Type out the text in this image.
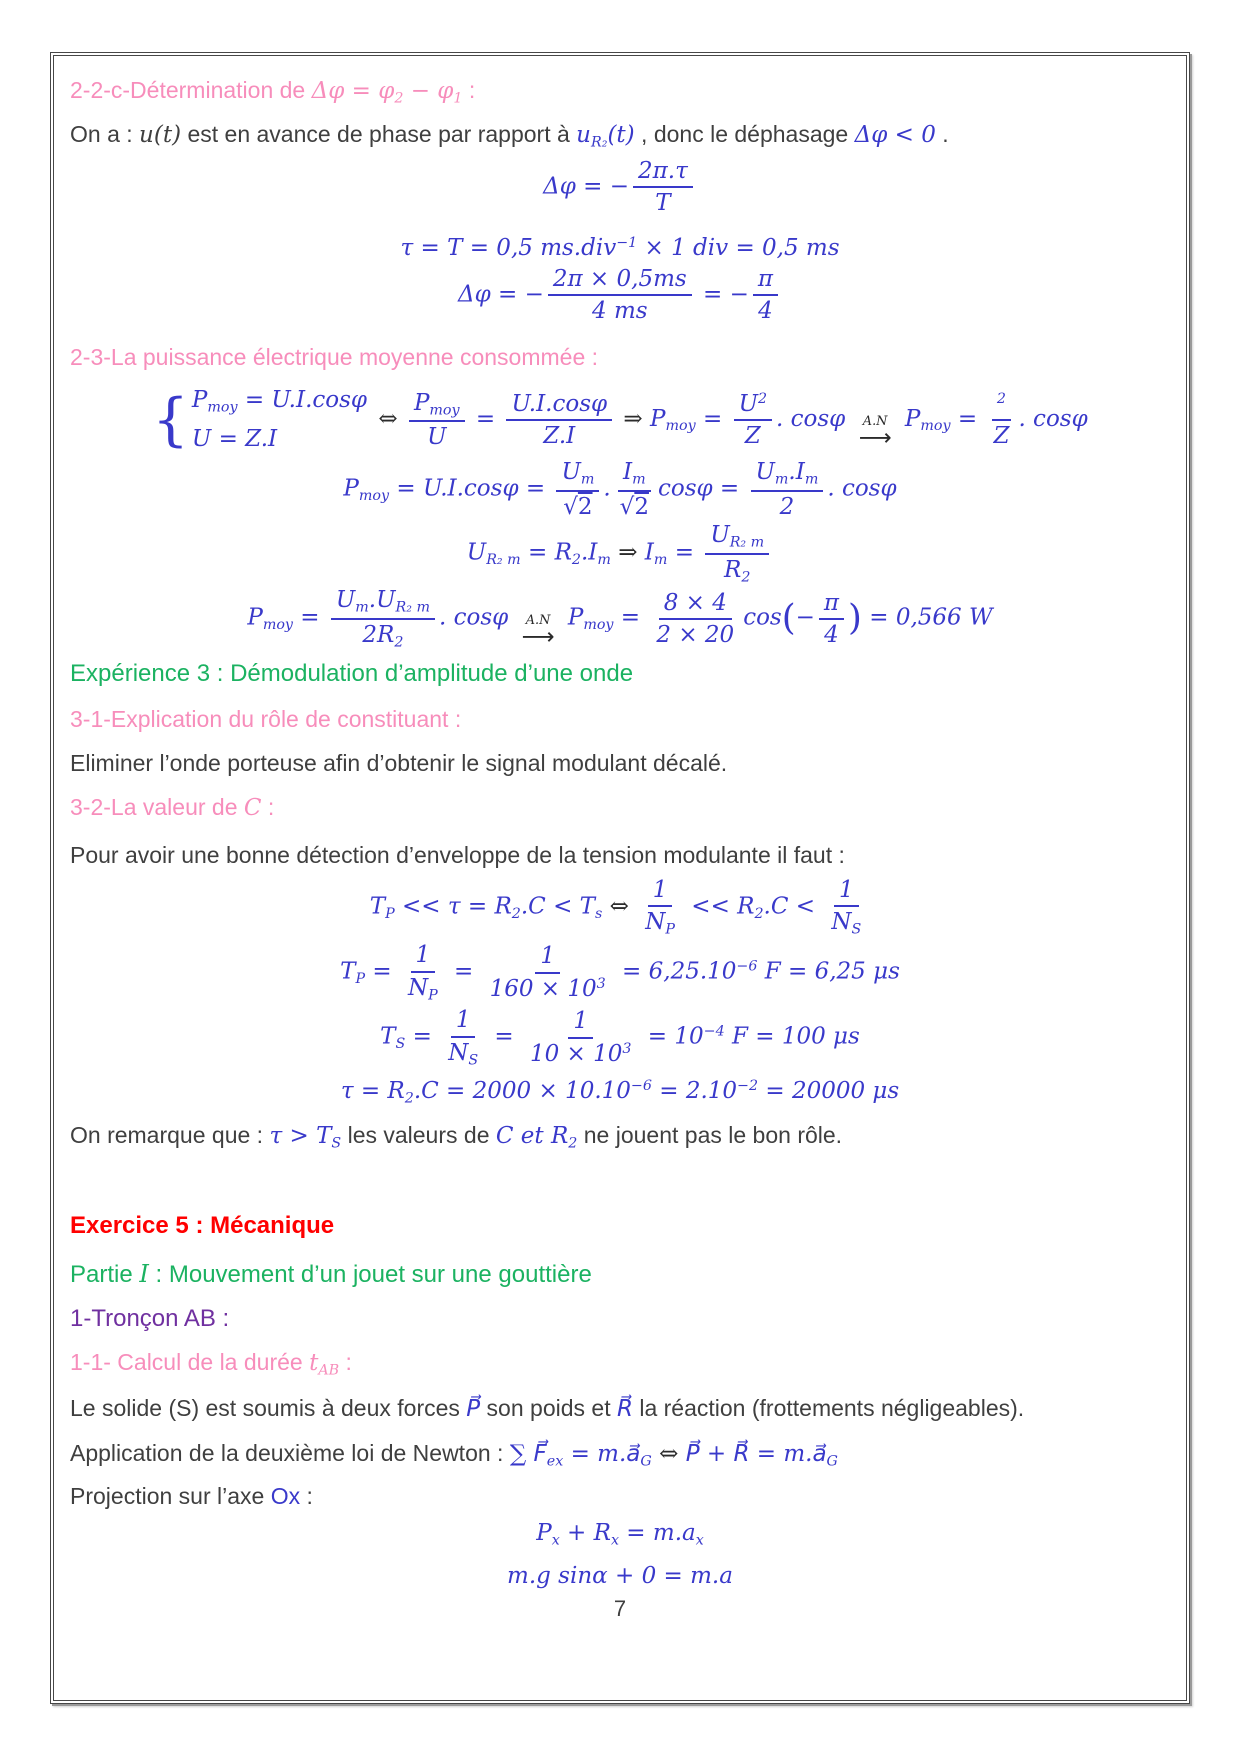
2-2-c-Détermination de Δφ = φ2 − φ1 :
On a : u(t) est en avance de phase par rapport à uR₂(t) , donc le déphasage Δφ < 0 .
Δφ = − $\frac{2\pi.\tau}{T}$
τ = T = 0,5 ms.div$^{-1}$ × 1 div = 0,5 ms
Δφ = − $\frac{2\pi \times 0,5ms}{4 ms}$ = − $\frac{\pi}{4}$
2-3-La puissance électrique moyenne consommée :
{ Pmoy = U.I.cosφ
U = Z.I
⇔ $\frac{\text{Pmoy}}{U} = \frac{U.I.\cos\varphi}{Z.I}$ ⇒ Pmoy = $\frac{U^2}{Z}$ . cosφ A.N
⟶
Pmoy = $\frac{^2}{Z}$ . cosφ
Pmoy = $U.I.\cos\varphi = \frac{Um}{√2}$ . $\frac{Im}{√2}$ $\cos\varphi = \frac{Um.Im}{2}$ . cosφ
UR₂ m = R2.Im ⇒ $Im = \frac{\text{UR₂ m}}{R2}$
Pmoy = $\frac{\text{Um.UR₂ m}}{2R2}$ . cosφ A.N
⟶
Pmoy = $\frac{8 \times 4}{2 \times 20} \cos(- \frac{\pi}{4}$ ) = 0,566 W
Expérience 3 : Démodulation d’amplitude d’une onde
3-1-Explication du rôle de constituant :
Eliminer l’onde porteuse afin d’obtenir le signal modulant décalé.
3-2-La valeur de C :
Pour avoir une bonne détection d’enveloppe de la tension modulante il faut :
TP << τ = R2.C < Ts ⇔ $\frac{1}{NP} << R2.C < \frac{1}{NS}$
TP = $\frac{1}{NP} = \frac{1}{160 \times 10^3} = 6,25.10^{-6}$ F = 6,25 μs
TS = $\frac{1}{NS} = \frac{1}{10 \times 10^3} = 10^{-4}$ F = 100 μs
$\tau = R2.C = 2000 \times 10.10^{-6} = 2.10^{-2} = 20000$ μs
On remarque que : τ > TS les valeurs de C et R2 ne jouent pas le bon rôle.
Exercice 5 : Mécanique
Partie I : Mouvement d’un jouet sur une gouttière
1-Tronçon AB :
1-1- Calcul de la durée tAB :
Le solide (S) est soumis à deux forces P⃗ son poids et R⃗ la réaction (frottements négligeables).
Application de la deuxième loi de Newton : ∑ F⃗ex = m.a⃗G ⇔ P⃗ + R⃗ = m.a⃗G
Projection sur l’axe Ox :
Px + Rx = m.ax
m.g sinα + 0 = m.a
7
